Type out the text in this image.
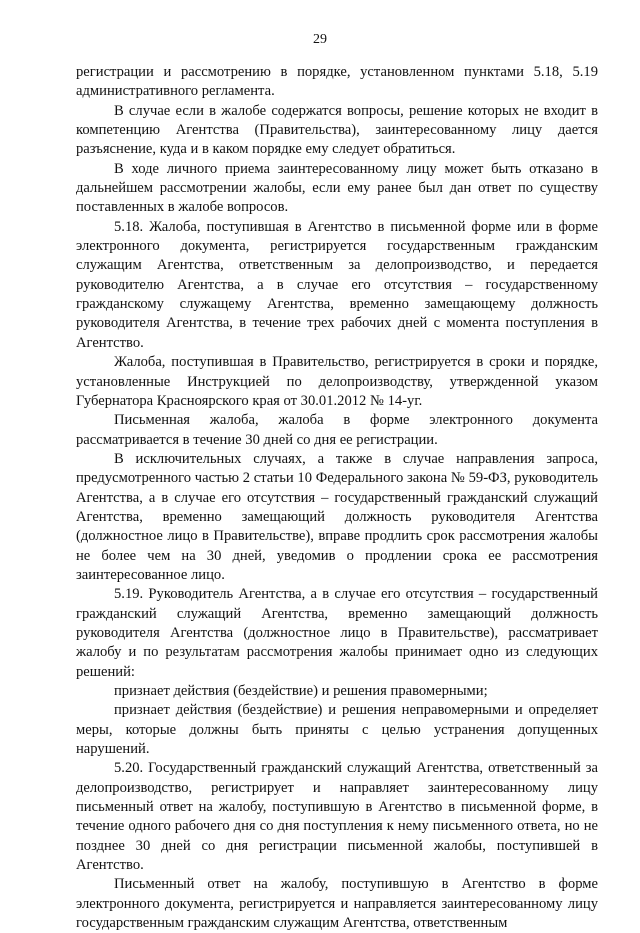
29

регистрации и рассмотрению в порядке, установленном пунктами 5.18, 5.19 административного регламента.

В случае если в жалобе содержатся вопросы, решение которых не входит в компетенцию Агентства (Правительства), заинтересованному лицу дается разъяснение, куда и в каком порядке ему следует обратиться.

В ходе личного приема заинтересованному лицу может быть отказано в дальнейшем рассмотрении жалобы, если ему ранее был дан ответ по существу поставленных в жалобе вопросов.

5.18. Жалоба, поступившая в Агентство в письменной форме или в форме электронного документа, регистрируется государственным гражданским служащим Агентства, ответственным за делопроизводство, и передается руководителю Агентства, а в случае его отсутствия – государственному гражданскому служащему Агентства, временно замещающему должность руководителя Агентства, в течение трех рабочих дней с момента поступления в Агентство.

Жалоба, поступившая в Правительство, регистрируется в сроки и порядке, установленные Инструкцией по делопроизводству, утвержденной указом Губернатора Красноярского края от 30.01.2012 № 14-уг.

Письменная жалоба, жалоба в форме электронного документа рассматривается в течение 30 дней со дня ее регистрации.

В исключительных случаях, а также в случае направления запроса, предусмотренного частью 2 статьи 10 Федерального закона № 59-ФЗ, руководитель Агентства, а в случае его отсутствия – государственный гражданский служащий Агентства, временно замещающий должность руководителя Агентства (должностное лицо в Правительстве), вправе продлить срок рассмотрения жалобы не более чем на 30 дней, уведомив о продлении срока ее рассмотрения заинтересованное лицо.

5.19. Руководитель Агентства, а в случае его отсутствия – государственный гражданский служащий Агентства, временно замещающий должность руководителя Агентства (должностное лицо в Правительстве), рассматривает жалобу и по результатам рассмотрения жалобы принимает одно из следующих решений:

признает действия (бездействие) и решения правомерными;

признает действия (бездействие) и решения неправомерными и определяет меры, которые должны быть приняты с целью устранения допущенных нарушений.

5.20. Государственный гражданский служащий Агентства, ответственный за делопроизводство, регистрирует и направляет заинтересованному лицу письменный ответ на жалобу, поступившую в Агентство в письменной форме, в течение одного рабочего дня со дня поступления к нему письменного ответа, но не позднее 30 дней со дня регистрации письменной жалобы, поступившей в Агентство.

Письменный ответ на жалобу, поступившую в Агентство в форме электронного документа, регистрируется и направляется заинтересованному лицу государственным гражданским служащим Агентства, ответственным
